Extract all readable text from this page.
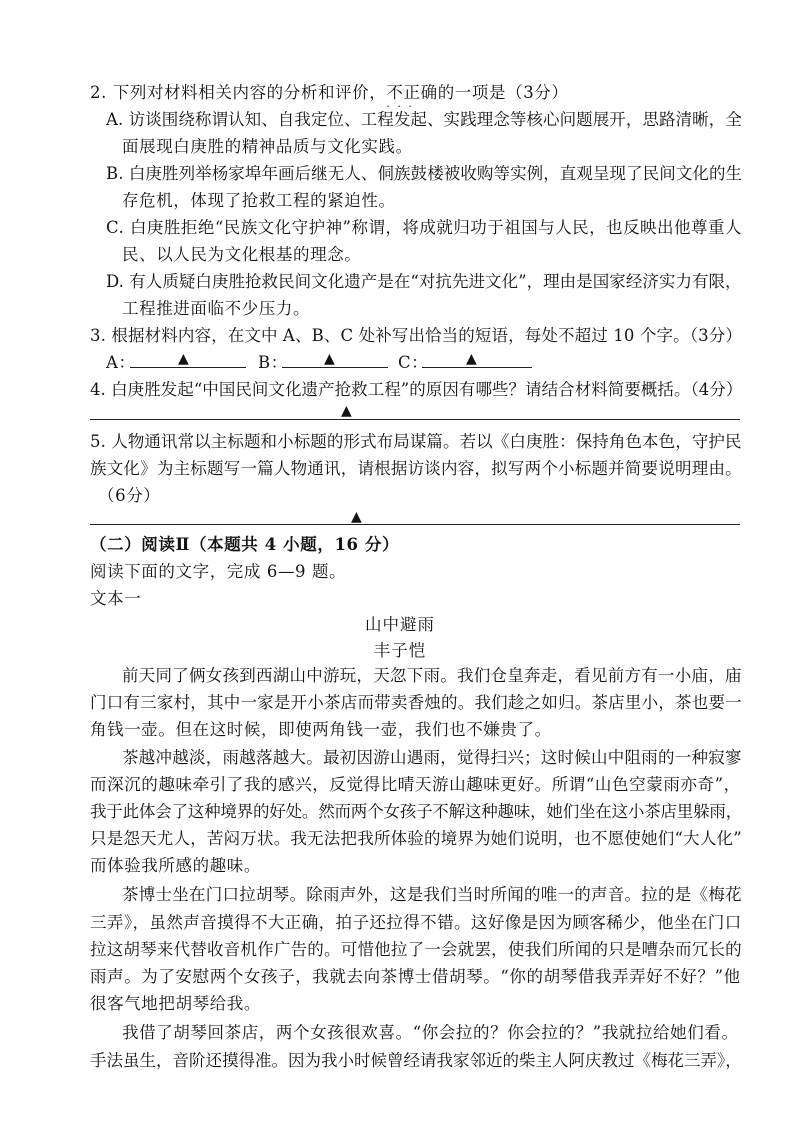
2. 下列对材料相关内容的分析和评价，不正确 · · ·的一项是（3分）
A. 访谈围绕称谓认知、自我定位、工程发起、实践理念等核心问题展开，思路清晰，全
面展现白庚胜的精神品质与文化实践。
B. 白庚胜列举杨家埠年画后继无人、侗族鼓楼被收购等实例，直观呈现了民间文化的生
存危机，体现了抢救工程的紧迫性。
C. 白庚胜拒绝“民族文化守护神”称谓，将成就归功于祖国与人民，也反映出他尊重人
民、以人民为文化根基的理念。
D. 有人质疑白庚胜抢救民间文化遗产是在“对抗先进文化”，理由是国家经济实力有限，
工程推进面临不少压力。
3. 根据材料内容，在文中 A、B、C 处补写出恰当的短语，每处不超过 10 个字。（3分）
A：	▲	B：	▲	C：	▲
4. 白庚胜发起“中国民间文化遗产抢救工程”的原因有哪些？请结合材料简要概括。（4分）
▲
5. 人物通讯常以主标题和小标题的形式布局谋篇。若以《白庚胜：保持角色本色，守护民
族文化》为主标题写一篇人物通讯，请根据访谈内容，拟写两个小标题并简要说明理由。
（6分）
▲
（二）阅读Ⅱ（本题共 4 小题，16 分）
阅读下面的文字，完成 6—9 题。
文本一
山中避雨
丰子恺
前天同了俩女孩到西湖山中游玩，天忽下雨。我们仓皇奔走，看见前方有一小庙，庙
门口有三家村，其中一家是开小茶店而带卖香烛的。我们趁之如归。茶店里小，茶也要一
角钱一壶。但在这时候，即使两角钱一壶，我们也不嫌贵了。
茶越冲越淡，雨越落越大。最初因游山遇雨，觉得扫兴；这时候山中阻雨的一种寂寥
而深沉的趣味牵引了我的感兴，反觉得比晴天游山趣味更好。所谓“山色空蒙雨亦奇”，
我于此体会了这种境界的好处。然而两个女孩子不解这种趣味，她们坐在这小茶店里躲雨，
只是怨天尤人，苦闷万状。我无法把我所体验的境界为她们说明，也不愿使她们“大人化”
而体验我所感的趣味。
茶博士坐在门口拉胡琴。除雨声外，这是我们当时所闻的唯一的声音。拉的是《梅花
三弄》，虽然声音摸得不大正确，拍子还拉得不错。这好像是因为顾客稀少，他坐在门口
拉这胡琴来代替收音机作广告的。可惜他拉了一会就罢，使我们所闻的只是嘈杂而冗长的
雨声。为了安慰两个女孩子，我就去向茶博士借胡琴。“你的胡琴借我弄弄好不好？”他
很客气地把胡琴给我。
我借了胡琴回茶店，两个女孩很欢喜。“你会拉的？你会拉的？”我就拉给她们看。
手法虽生，音阶还摸得准。因为我小时候曾经请我家邻近的柴主人阿庆教过《梅花三弄》，
